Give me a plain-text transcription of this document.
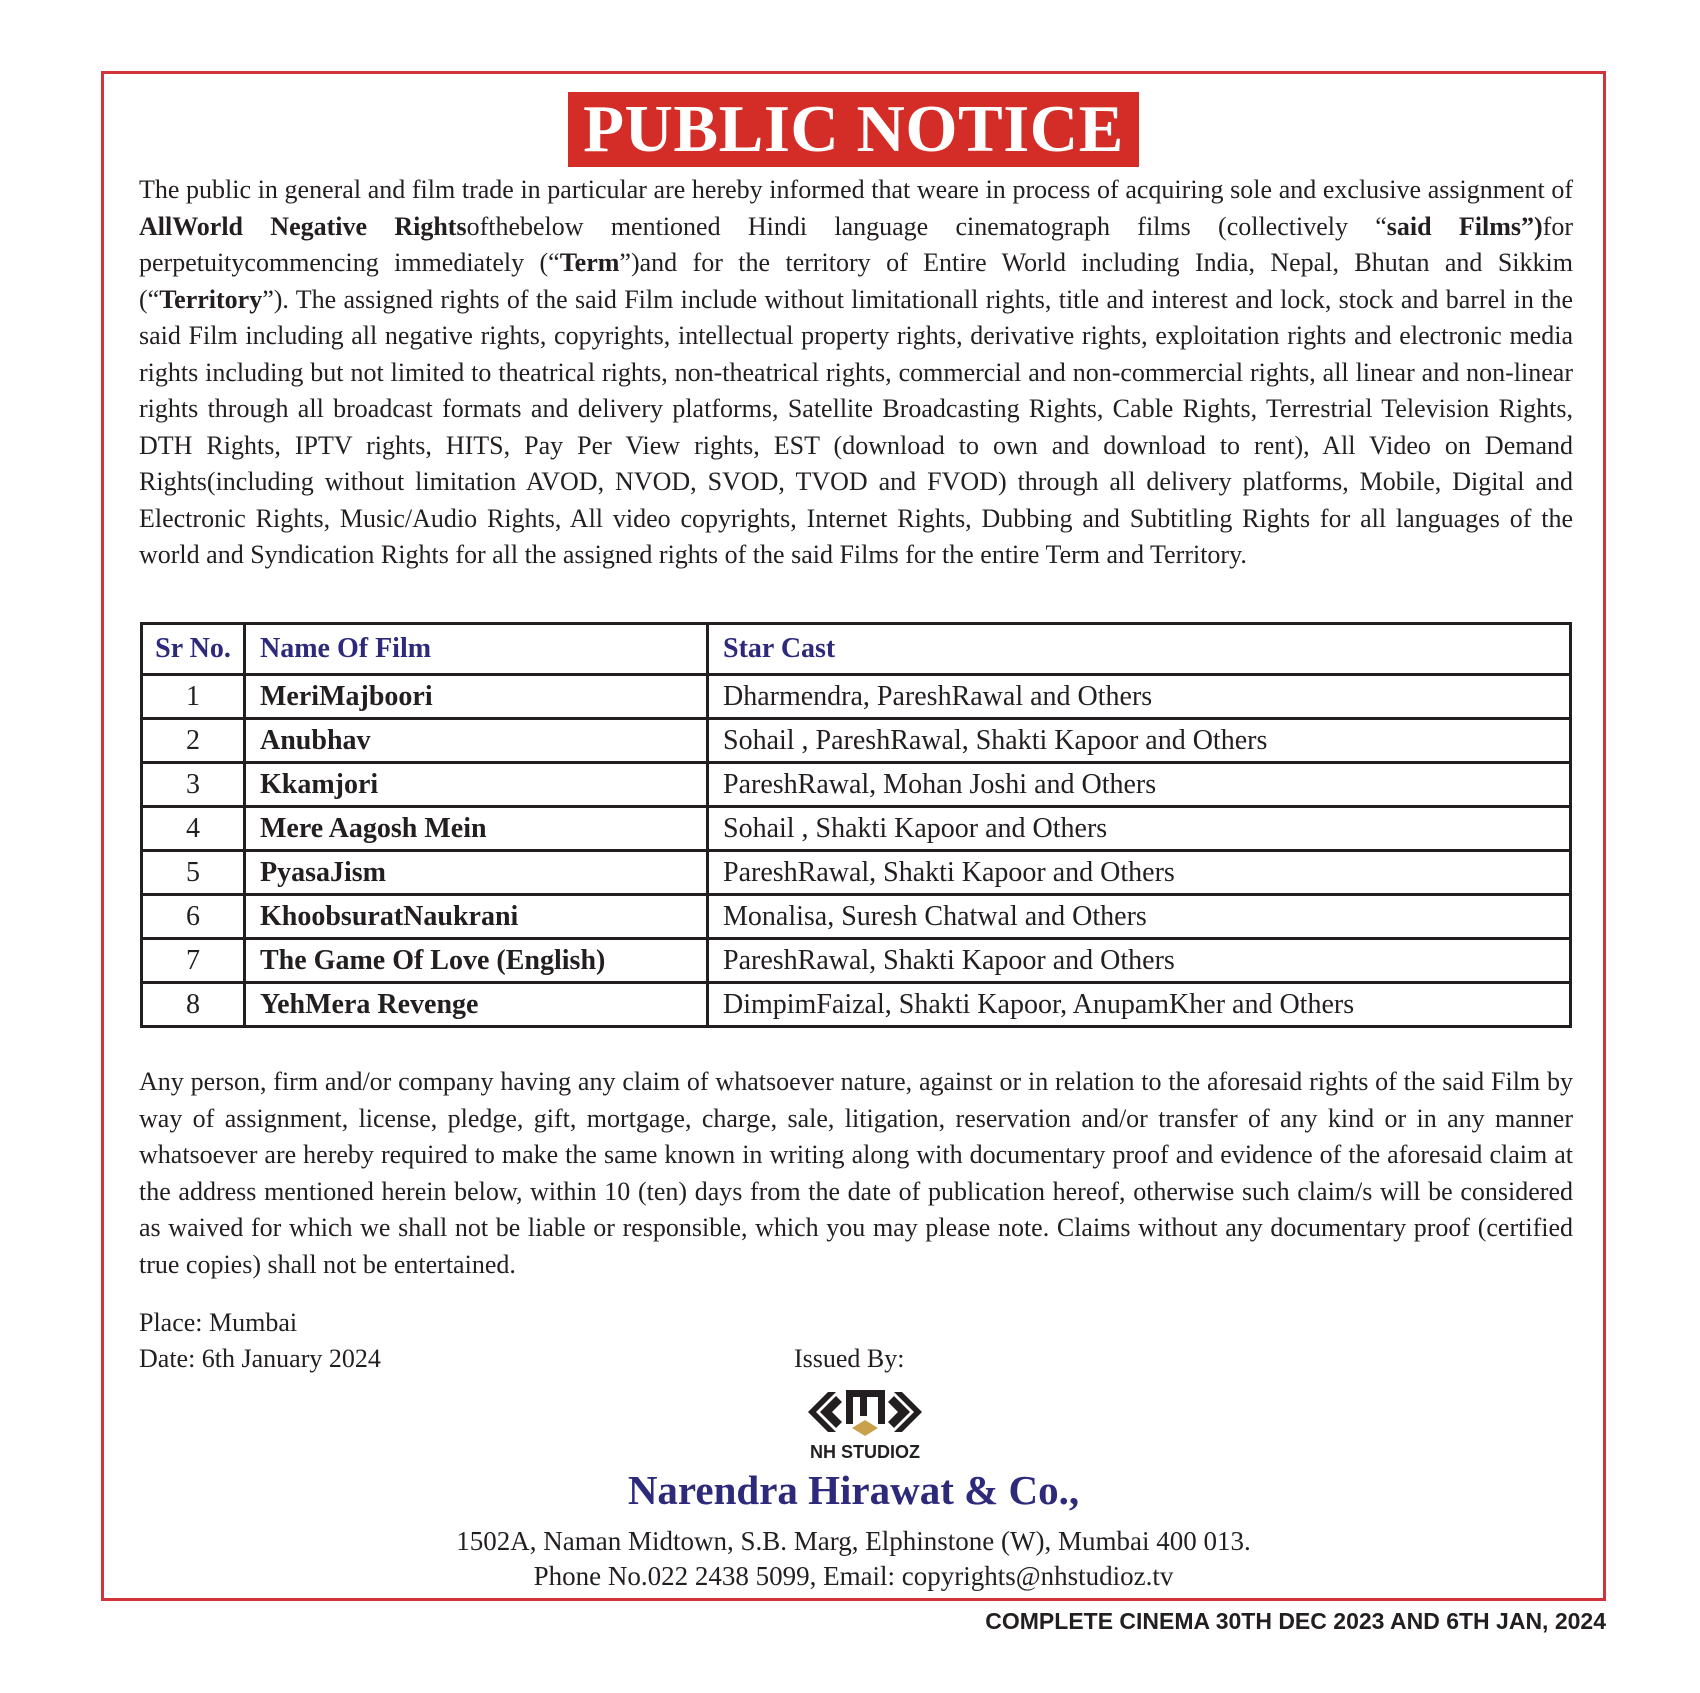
PUBLIC NOTICE

The public in general and film trade in particular are hereby informed that weare in process of acquiring sole and exclusive assignment of AllWorld Negative Rightsofthebelow mentioned Hindi language cinematograph films (collectively “said Films”)for perpetuitycommencing immediately (“Term”)and for the territory of Entire World including India, Nepal, Bhutan and Sikkim (“Territory”). The assigned rights of the said Film include without limitationall rights, title and interest and lock, stock and barrel in the said Film including all negative rights, copyrights, intellectual property rights, derivative rights, exploitation rights and electronic media rights including but not limited to theatrical rights, non-theatrical rights, commercial and non-commercial rights, all linear and non-linear rights through all broadcast formats and delivery platforms, Satellite Broadcasting Rights, Cable Rights, Terrestrial Television Rights, DTH Rights, IPTV rights, HITS, Pay Per View rights, EST (download to own and download to rent), All Video on Demand Rights(including without limitation AVOD, NVOD, SVOD, TVOD and FVOD) through all delivery platforms, Mobile, Digital and Electronic Rights, Music/Audio Rights, All video copyrights, Internet Rights, Dubbing and Subtitling Rights for all languages of the world and Syndication Rights for all the assigned rights of the said Films for the entire Term and Territory.

Sr No.	Name Of Film	Star Cast
1	MeriMajboori	Dharmendra, PareshRawal and Others
2	Anubhav	Sohail , PareshRawal, Shakti Kapoor and Others
3	Kkamjori	PareshRawal, Mohan Joshi and Others
4	Mere Aagosh Mein	Sohail , Shakti Kapoor and Others
5	PyasaJism	PareshRawal, Shakti Kapoor and Others
6	KhoobsuratNaukrani	Monalisa, Suresh Chatwal and Others
7	The Game Of Love (English)	PareshRawal, Shakti Kapoor and Others
8	YehMera Revenge	DimpimFaizal, Shakti Kapoor, AnupamKher and Others

Any person, firm and/or company having any claim of whatsoever nature, against or in relation to the aforesaid rights of the said Film by way of assignment, license, pledge, gift, mortgage, charge, sale, litigation, reservation and/or transfer of any kind or in any manner whatsoever are hereby required to make the same known in writing along with documentary proof and evidence of the aforesaid claim at the address mentioned herein below, within 10 (ten) days from the date of publication hereof, otherwise such claim/s will be considered as waived for which we shall not be liable or responsible, which you may please note. Claims without any documentary proof (certified true copies) shall not be entertained.

Place: Mumbai
Date: 6th January 2024	Issued By:
NH STUDIOZ
Narendra Hirawat & Co.,
1502A, Naman Midtown, S.B. Marg, Elphinstone (W), Mumbai 400 013.
Phone No.022 2438 5099, Email: copyrights@nhstudioz.tv
COMPLETE CINEMA 30TH DEC 2023 AND 6TH JAN, 2024
